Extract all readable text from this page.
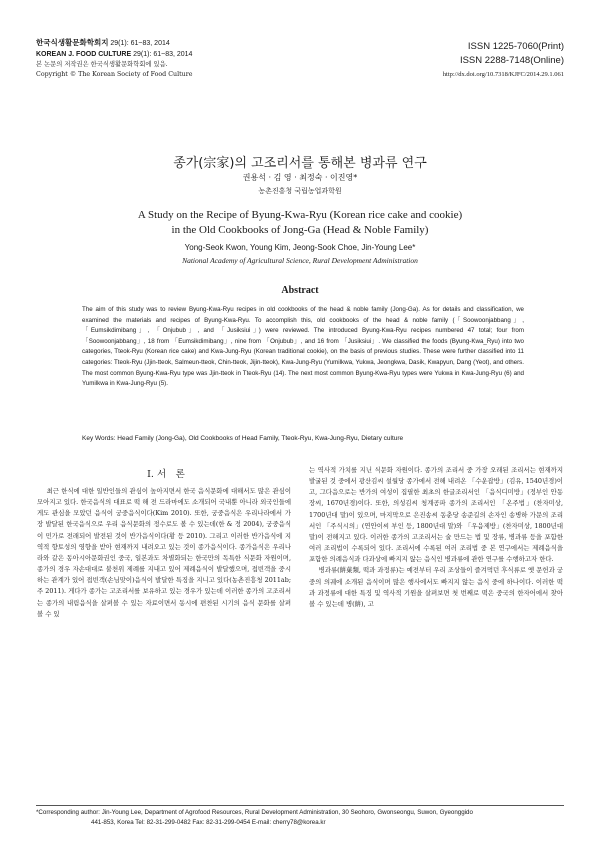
한국식생활문화학회지 29(1): 61~83, 2014
KOREAN J. FOOD CULTURE 29(1): 61~83, 2014
본 논문의 저작권은 한국식생활문화학회에 있음.
Copyright © The Korean Society of Food Culture
ISSN 1225-7060(Print)
ISSN 2288-7148(Online)
http://dx.doi.org/10.7318/KJFC/2014.29.1.061
종가(宗家)의 고조리서를 통해본 병과류 연구
권용석 · 김 영 · 최정숙 · 이진영*
농촌진흥청 국립농업과학원
A Study on the Recipe of Byung-Kwa-Ryu (Korean rice cake and cookie)
in the Old Cookbooks of Jong-Ga (Head & Noble Family)
Yong-Seok Kwon, Young Kim, Jeong-Sook Choe, Jin-Young Lee*
National Academy of Agricultural Science, Rural Development Administration
Abstract
The aim of this study was to review Byung-Kwa-Ryu recipes in old cookbooks of the head & noble family (Jong-Ga). As for details and classification, we examined the materials and recipes of Byung-Kwa-Ryu. To accomplish this, old cookbooks of the head & noble family (「Soowoonjabbang」, 「Eumsikdimibang」, 「Onjubub」, and 「Jusiksiui」) were reviewed. The introduced Byung-Kwa-Ryu recipes numbered 47 total; four from 「Soowoonjabbang」, 18 from 「Eumsikdimibang」, nine from 「Onjubub」, and 16 from 「Jusiksiui」. We classified the foods (Byung-Kwa_Ryu) into two categories, Tteok-Ryu (Korean rice cake) and Kwa-Jung-Ryu (Korean traditional cookie), on the basis of previous studies. These were further classified into 11 categories: Tteok-Ryu (Jjin-tteok, Salmeun-tteok, Chin-tteok, Jijin-tteok), Kwa-Jung-Ryu (Yumilkwa, Yukwa, Jeongkwa, Dasik, Kwapyun, Dang (Yeot), and others. The most common Byung-Kwa-Ryu type was Jjin-tteok in Tteok-Ryu (14). The next most common Byung-Kwa-Ryu types were Yukwa in Kwa-Jung-Ryu (6) and Yumilkwa in Kwa-Jung-Ryu (5).
Key Words: Head Family (Jong-Ga), Old Cookbooks of Head Family, Tteok-Ryu, Kwa-Jung-Ryu, Dietary culture
Ⅰ. 서　론

최근 한식에 대한 일반인들의 관심이 높아지면서 한국 음식문화에 대해서도 많은 관심이 모아지고 있다. 한국음식의 대표로 떡 해 전 드라마에도 소개되어 국내뿐 아니라 외국인들에게도 관심을 모았던 음식이 궁중음식이다(Kim 2010). 또한, 궁중음식은 우리나라에서 가장 발달된 한국음식으로 우리 음식문화의 정수로도 볼 수 있는데(한 & 정 2004), 궁중음식이 민가로 전래되어 발전된 것이 반가음식이다(황 등 2010). 그리고 이러한 반가음식에 지역적 향토성의 영향을 받아 현재까지 내려오고 있는 것이 종가음식이다. 종가음식은 우리나라와 같은 동아시아문화권인 중국, 일본과도 차별화되는 한국만의 독특한 식문화 자원이며, 종가의 경우 자손대대로 불천위 제례를 지내고 있어 제례음식이 발달했으며, 접빈객을 중시하는 관계가 있어 접빈객(손님맞이)음식이 발달한 특징을 지니고 있다(농촌진흥청 2011ab; 주 2011). 게다가 종가는 고조리서를 보유하고 있는 경우가 있는데 이러한 종가의 고조리서는 종가의 내림음식을 살펴볼 수 있는 자료이면서 동시에 편찬된 시기의 음식 문화를 살펴 볼 수 있

는 역사적 가치를 지닌 식문화 자원이다. 종가의 조리서 중 가장 오래된 조리서는 현재까지 발굴된 것 중에서 광산김씨 설월당 종가에서 전해 내려온 「수운잡방」(김유, 1540년경)이고, 그다음으로는 반가의 여성이 집필한 최초의 한글조리서인 「음식디미방」(정부인 안동장씨, 1670년경)이다. 또한, 의성김씨 청계공파 종가의 조리서인 「온주법」(찬자미상, 1700년대 말)이 있으며, 마지막으로 은진송씨 동춘당 송준길의 손자인 송병하 가문의 조리서인 「주식시의」(연안이씨 부인 등, 1800년대 말)와 「우음제방」(찬자미상, 1800년대 말)이 전해지고 있다. 이러한 종가의 고조리서는 술 만드는 법 및 장류, 병과류 등을 포함한 여러 조리법이 수록되어 있다. 조리서에 수록된 여러 조리법 중 본 연구에서는 제례음식을 포함한 의례음식과 다과상에 빠지지 않는 음식인 병과류에 관한 연구를 수행하고자 한다.

병과류(餠菓類, 떡과 과정류)는 예전부터 우리 조상들이 즐겨먹던 후식류로 옛 문헌과 궁중의 의궤에 소개된 음식이며 많은 행사에서도 빠지지 않는 음식 중에 하나이다. 이러한 떡과 과정류에 대한 특징 및 역사적 기원을 살펴보면 첫 번째로 떡은 중국의 한자어에서 찾아볼 수 있는데 병(餠), 고

*Corresponding author: Jin-Young Lee, Department of Agrofood Resources, Rural Development Administration, 30 Seohoro, Gwonseongu, Suwon, Gyeonggido
441-853, Korea Tel: 82-31-299-0482 Fax: 82-31-299-0454 E-mail: cherry78@korea.kr
